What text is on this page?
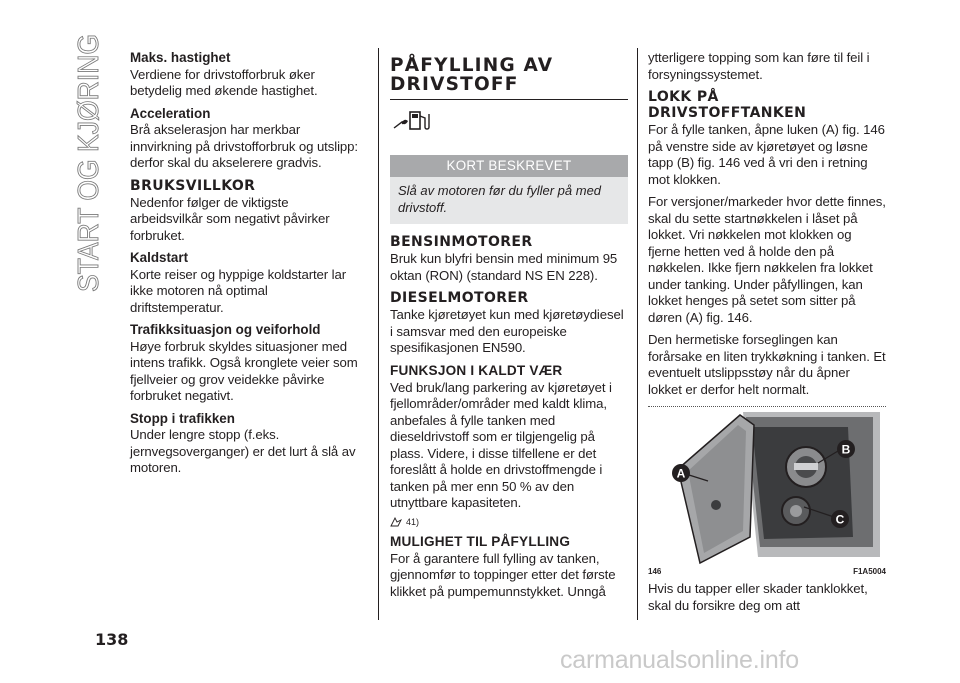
START OG KJØRING Maks. hastighet

Verdiene for drivstofforbruk øker betydelig med økende hastighet.

Acceleration

Brå akselerasjon har merkbar innvirkning på drivstofforbruk og utslipp: derfor skal du akselerere gradvis.

BRUKSVILLKOR

Nedenfor følger de viktigste arbeidsvilkår som negativt påvirker forbruket.

Kaldstart

Korte reiser og hyppige koldstarter lar ikke motoren nå optimal driftstemperatur.

Trafikksituasjon og veiforhold

Høye forbruk skyldes situasjoner med intens trafikk. Også kronglete veier som fjellveier og grov veidekke påvirke forbruket negativt.

Stopp i trafikken

Under lengre stopp (f.eks. jernvegsoverganger) er det lurt å slå av motoren.

PÅFYLLING AV
DRIVSTOFF
KORT BESKREVET
Slå av motoren før du fyller på med drivstoff.
BENSINMOTORER

Bruk kun blyfri bensin med minimum 95 oktan (RON) (standard NS EN 228).

DIESELMOTORER

Tanke kjøretøyet kun med kjøretøydiesel i samsvar med den europeiske spesifikasjonen EN590.

FUNKSJON I KALDT VÆR

Ved bruk/lang parkering av kjøretøyet i fjellområder/områder med kaldt klima, anbefales å fylle tanken med dieseldrivstoff som er tilgjengelig på plass. Videre, i disse tilfellene er det foreslått å holde en drivstoffmengde i tanken på mer enn 50 % av den utnyttbare kapasiteten.

41)
MULIGHET TIL PÅFYLLING

For å garantere full fylling av tanken, gjennomfør to toppinger etter det første klikket på pumpemunnstykket. Unngå

ytterligere topping som kan føre til feil i forsyningssystemet.

LOKK PÅ
DRIVSTOFFTANKEN

For å fylle tanken, åpne luken (A) fig. 146 på venstre side av kjøretøyet og løsne tapp (B) fig. 146 ved å vri den i retning mot klokken.

For versjoner/markeder hvor dette finnes, skal du sette startnøkkelen i låset på lokket. Vri nøkkelen mot klokken og fjerne hetten ved å holde den på nøkkelen. Ikke fjern nøkkelen fra lokket under tanking. Under påfyllingen, kan lokket henges på setet som sitter på døren (A) fig. 146.

Den hermetiske forseglingen kan forårsake en liten trykkøkning i tanken. Et eventuelt utslippsstøy når du åpner lokket er derfor helt normalt.

A
B
C
146	F1A5004

Hvis du tapper eller skader tanklokket, skal du forsikre deg om att

138
carmanualsonline.info
